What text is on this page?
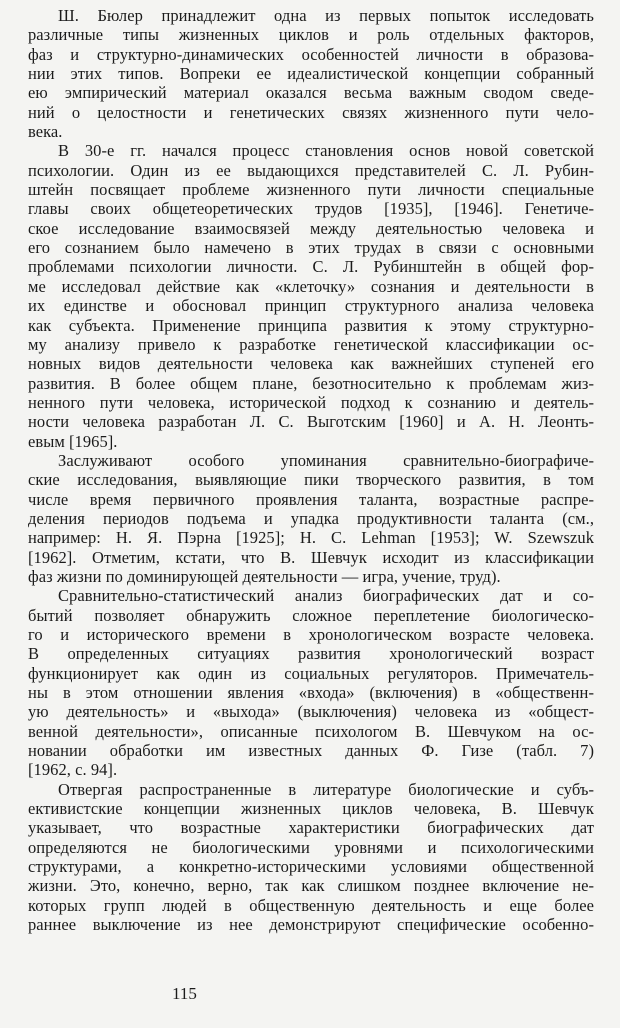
Ш. Бюлер принадлежит одна из первых попыток исследовать
различные типы жизненных циклов и роль отдельных факторов,
фаз и структурно-динамических особенностей личности в образова-
нии этих типов. Вопреки ее идеалистической концепции собранный
ею эмпирический материал оказался весьма важным сводом сведе-
ний о целостности и генетических связях жизненного пути чело-
века.
В 30-е гг. начался процесс становления основ новой советской
психологии. Один из ее выдающихся представителей С. Л. Рубин-
штейн посвящает проблеме жизненного пути личности специальные
главы своих общетеоретических трудов [1935], [1946]. Генетиче-
ское исследование взаимосвязей между деятельностью человека и
его сознанием было намечено в этих трудах в связи с основными
проблемами психологии личности. С. Л. Рубинштейн в общей фор-
ме исследовал действие как «клеточку» сознания и деятельности в
их единстве и обосновал принцип структурного анализа человека
как субъекта. Применение принципа развития к этому структурно-
му анализу привело к разработке генетической классификации ос-
новных видов деятельности человека как важнейших ступеней его
развития. В более общем плане, безотносительно к проблемам жиз-
ненного пути человека, исторической подход к сознанию и деятель-
ности человека разработан Л. С. Выготским [1960] и А. Н. Леонть-
евым [1965].
Заслуживают особого упоминания сравнительно-биографиче-
ские исследования, выявляющие пики творческого развития, в том
числе время первичного проявления таланта, возрастные распре-
деления периодов подъема и упадка продуктивности таланта (см.,
например: Н. Я. Пэрна [1925]; Н. С. Lehman [1953]; W. Szewszuk
[1962]. Отметим, кстати, что В. Шевчук исходит из классификации
фаз жизни по доминирующей деятельности — игра, учение, труд).
Сравнительно-статистический анализ биографических дат и со-
бытий позволяет обнаружить сложное переплетение биологическо-
го и исторического времени в хронологическом возрасте человека.
В определенных ситуациях развития хронологический возраст
функционирует как один из социальных регуляторов. Примечатель-
ны в этом отношении явления «входа» (включения) в «общественн-
ую деятельность» и «выхода» (выключения) человека из «общест-
венной деятельности», описанные психологом В. Шевчуком на ос-
новании обработки им известных данных Ф. Гизе (табл. 7)
[1962, с. 94].
Отвергая распространенные в литературе биологические и субъ-
ективистские концепции жизненных циклов человека, В. Шевчук
указывает, что возрастные характеристики биографических дат
определяются не биологическими уровнями и психологическими
структурами, а конкретно-историческими условиями общественной
жизни. Это, конечно, верно, так как слишком позднее включение не-
которых групп людей в общественную деятельность и еще более
раннее выключение из нее демонстрируют специфические особенно-
115
